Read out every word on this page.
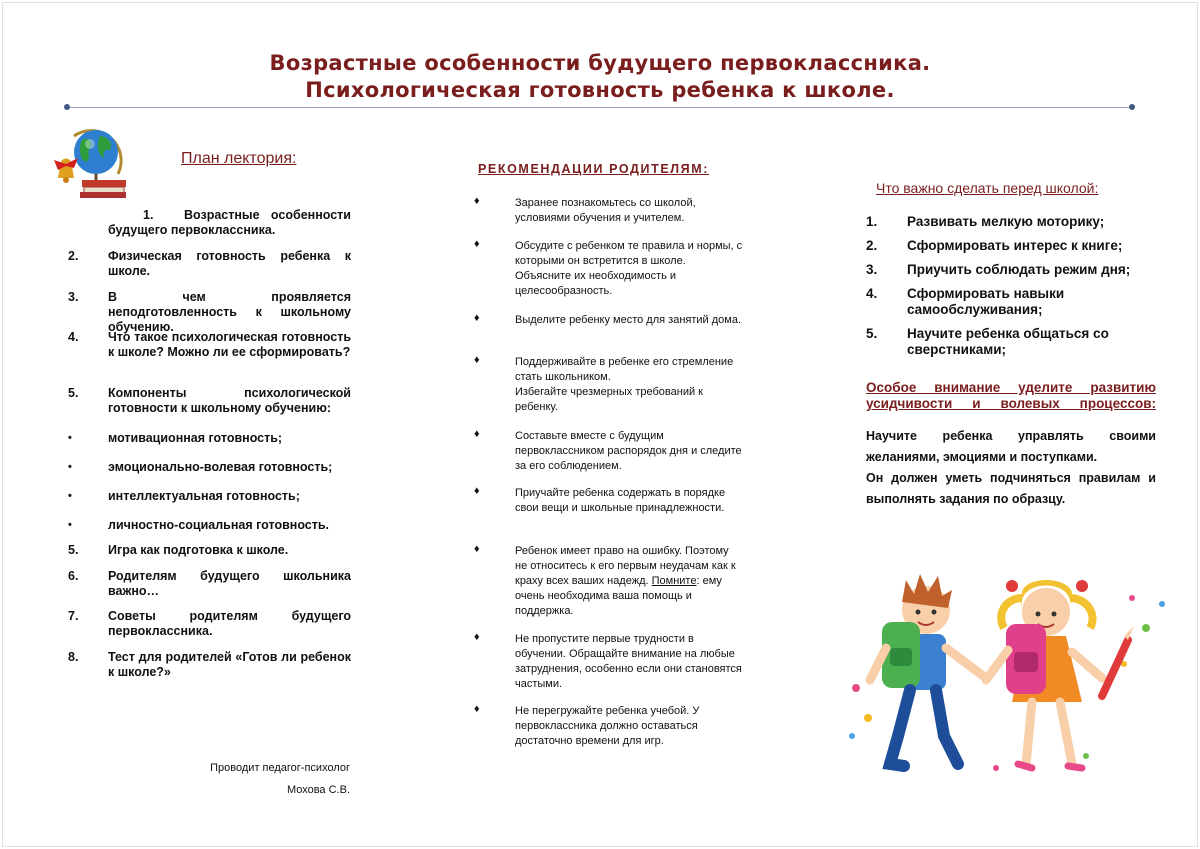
Возрастные особенности будущего первоклассника.
Психологическая готовность ребенка к школе.
План лектория:
1.	Возрастные особенности будущего первоклассника.
2.	Физическая готовность ребенка к школе.
3.	В чем проявляется неподготовленность к школьному обучению.
4.	Что такое психологическая готовность к школе? Можно ли ее сформировать?
5.	Компоненты психологической готовности к школьному обучению:
•	мотивационная готовность;
•	эмоционально-волевая готовность;
•	интеллектуальная готовность;
•	личностно-социальная готовность.
5.	Игра как подготовка к школе.
6.	Родителям будущего школьника важно…
7.	Советы родителям будущего первоклассника.
8.	Тест для родителей «Готов ли ребенок к школе?»
Проводит педагог-психолог
Мохова С.В.
РЕКОМЕНДАЦИИ РОДИТЕЛЯМ:
♦	Заранее познакомьтесь со школой, условиями обучения и учителем.
♦	Обсудите с ребенком те правила и нормы, с которыми он встретится в школе. Объясните их необходимость и целесообразность.
♦	Выделите ребенку место для занятий дома.
♦	Поддерживайте в ребенке его стремление стать школьником.
Избегайте чрезмерных требований к ребенку.
♦	Составьте вместе с будущим первоклассником распорядок дня и следите за его соблюдением.
♦	Приучайте ребенка содержать в порядке свои вещи и школьные принадлежности.
♦	Ребенок имеет право на ошибку. Поэтому не относитесь к его первым неудачам как к краху всех ваших надежд. Помните: ему очень необходима ваша помощь и поддержка.
♦	Не пропустите первые трудности в обучении. Обращайте внимание на любые затруднения, особенно если они становятся частыми.
♦	Не перегружайте ребенка учебой. У первоклассника должно оставаться достаточно времени для игр.
Что важно сделать перед школой:
1. Развивать мелкую моторику;
2. Сформировать интерес к книге;
3. Приучить соблюдать режим дня;
4. Сформировать навыки самообслуживания;
5. Научите ребенка общаться со сверстниками;
Особое внимание уделите развитию усидчивости и волевых процессов:

Научите ребенка управлять своими желаниями, эмоциями и поступками.

Он должен уметь подчиняться правилам и выполнять задания по образцу.
